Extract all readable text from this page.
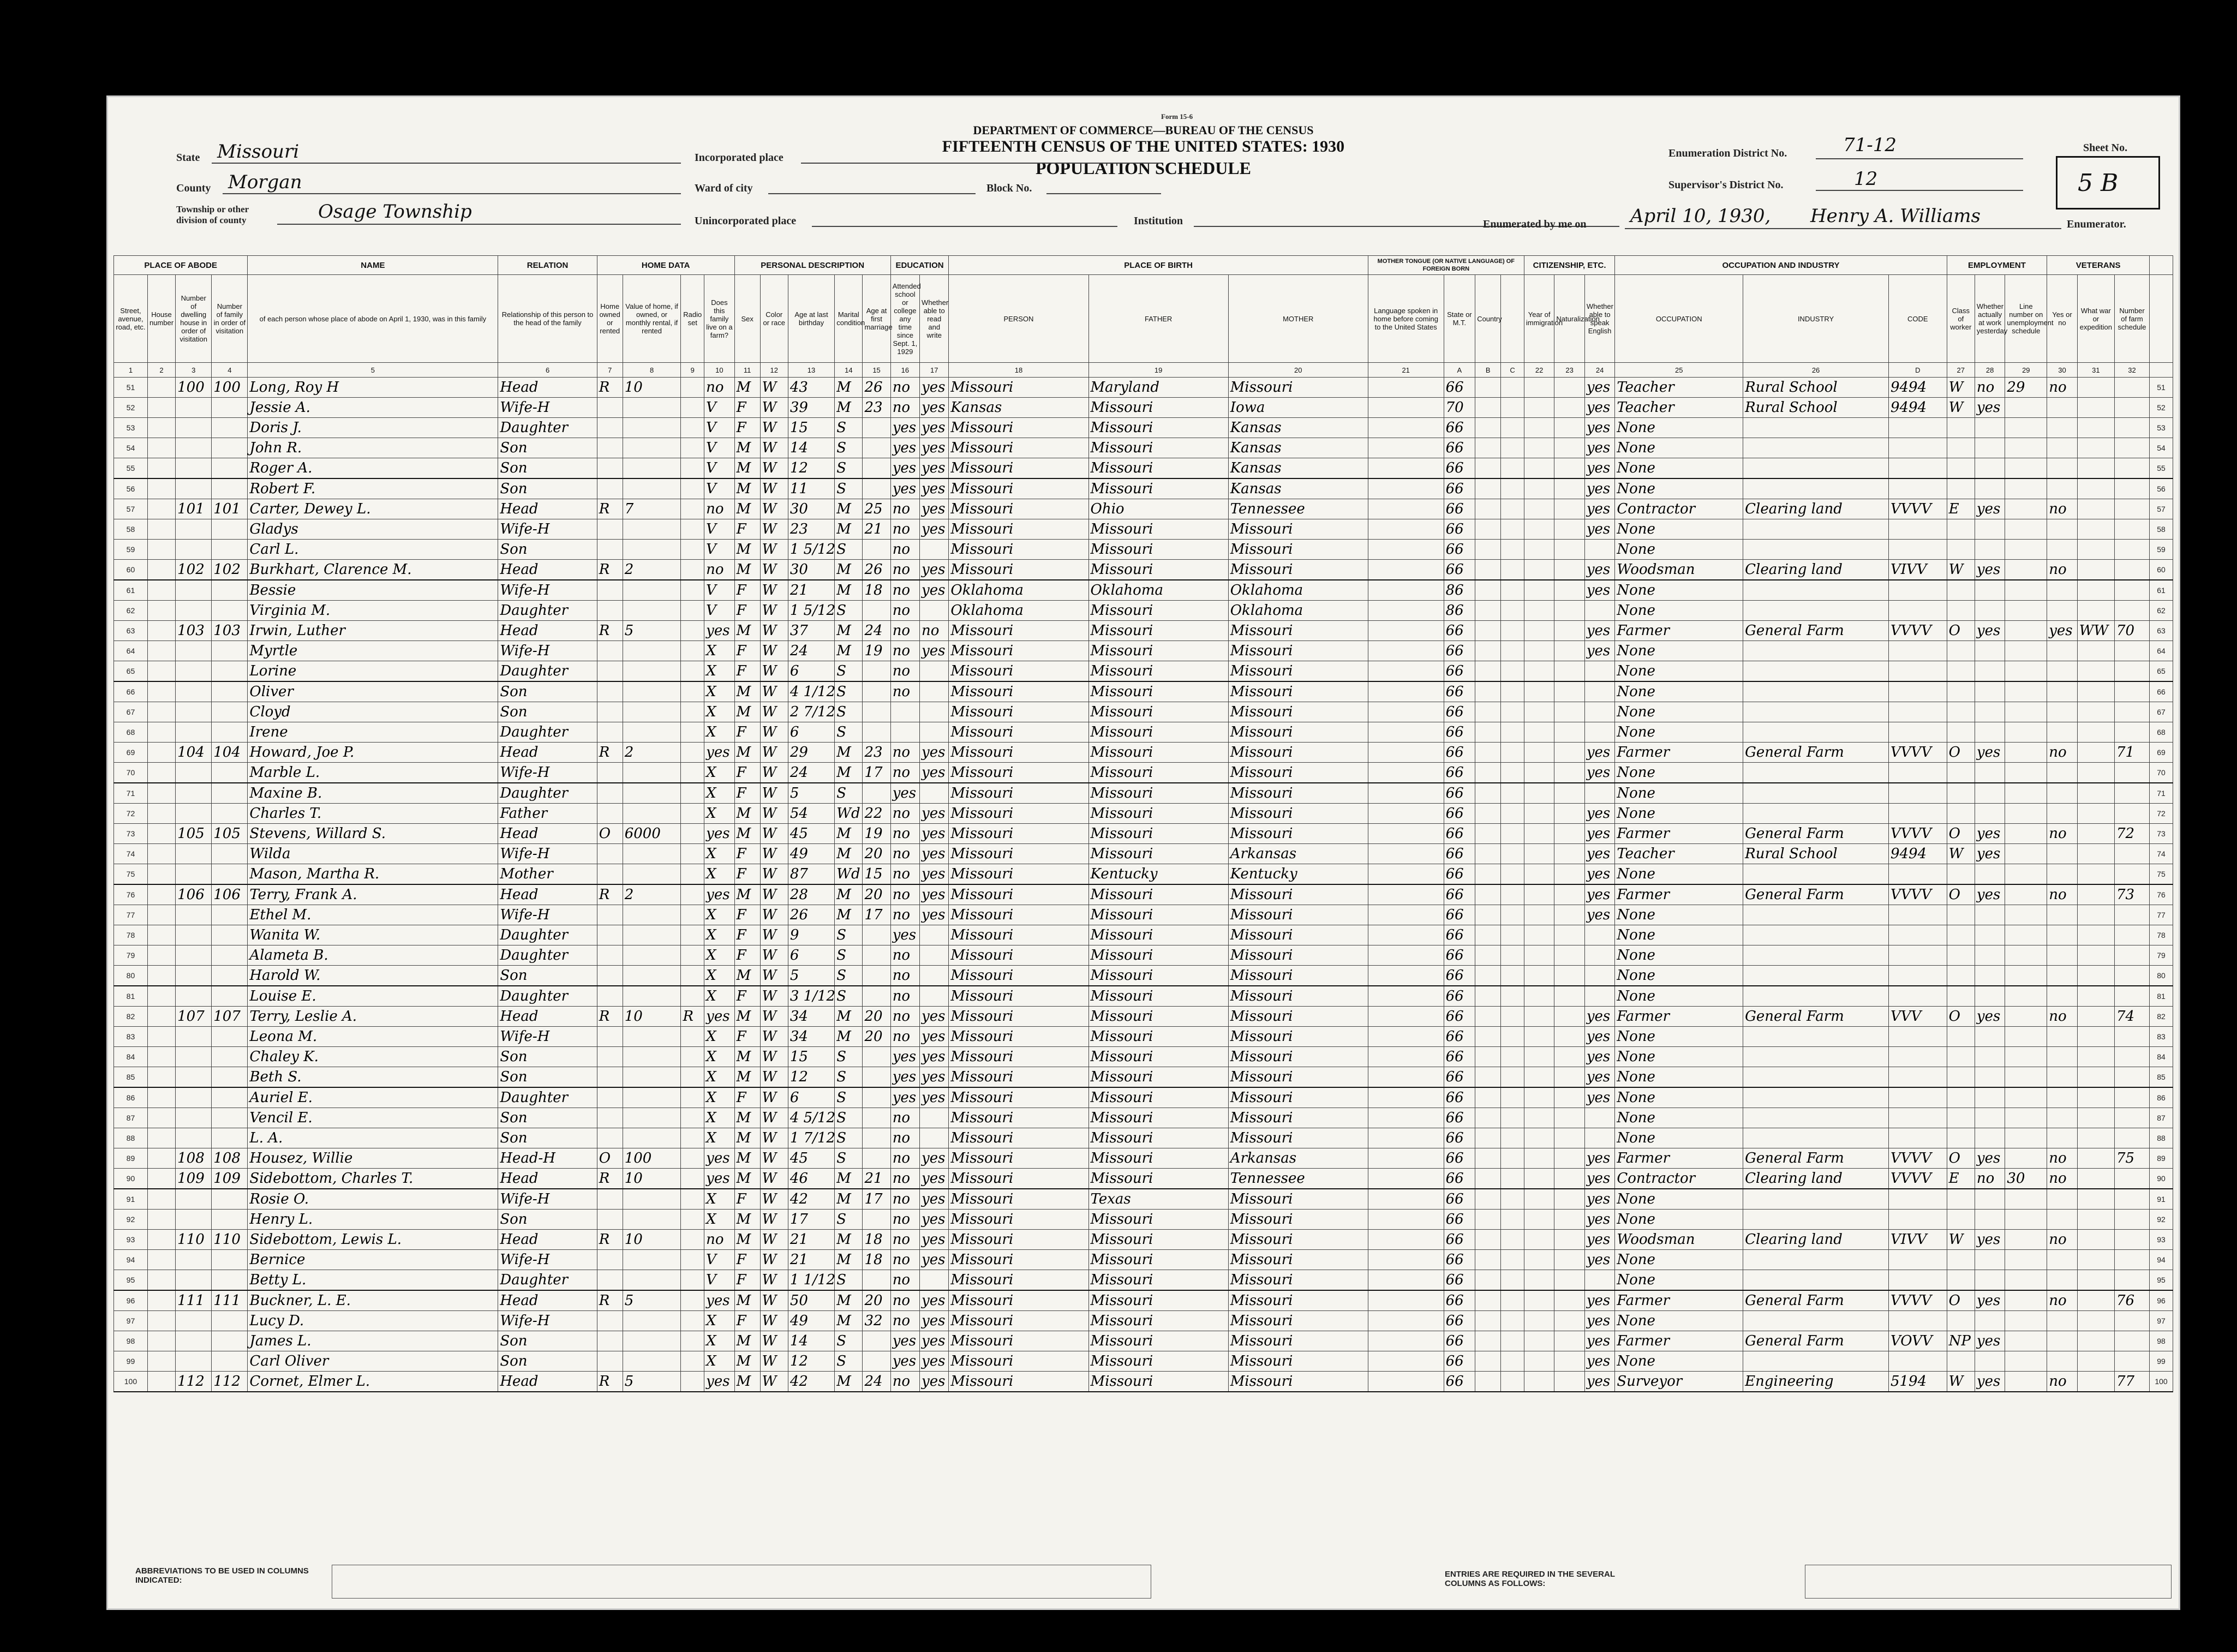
Form 15-6
DEPARTMENT OF COMMERCE—BUREAU OF THE CENSUS
FIFTEENTH CENSUS OF THE UNITED STATES: 1930
POPULATION SCHEDULE
State Missouri
County Morgan
Township or other division of county	Osage Township
Incorporated place
Ward of city	Block No.
Unincorporated place	Institution
Enumeration District No.	71-12
Supervisor's District No.	12
Sheet No.
5 B
Enumerated by me on April 10, 1930, Henry A. Williams	Enumerator.
PLACE OF ABODE				NAME	RELATION	HOME DATA				PERSONAL DESCRIPTION					EDUCATION		PLACE OF BIRTH			MOTHER TONGUE (OR NATIVE LANGUAGE) OF FOREIGN BORN				CITIZENSHIP, ETC.			OCCUPATION AND INDUSTRY			EMPLOYMENT			VETERANS			
Street, avenue, road, etc.	House number	Number of dwelling house in order of visitation	Number of family in order of visitation	of each person whose place of abode on April 1, 1930, was in this family	Relationship of this person to the head of the family	Home owned or rented	Value of home, if owned, or monthly rental, if rented	Radio set	Does this family live on a farm?	Sex	Color or race	Age at last birthday	Marital condition	Age at first marriage	Attended school or college any time since Sept. 1, 1929	Whether able to read and write	PERSON	FATHER	MOTHER	Language spoken in home before coming to the United States	State or M.T.	Country		Year of immigration	Naturalization	Whether able to speak English	OCCUPATION	INDUSTRY	CODE	Class of worker	Whether actually at work yesterday	Line number on unemployment schedule	Yes or no	What war or expedition	Number of farm schedule	
1	2	3	4	5	6	7	8	9	10	11	12	13	14	15	16	17	18	19	20	21	A	B	C	22	23	24	25	26	D	27	28	29	30	31	32	
51		100	100	Long, Roy H	Head	R	10		no	M	W	43	M	26	no	yes	Missouri	Maryland	Missouri		66					yes	Teacher	Rural School	9494	W	no	29	no			51
52				Jessie A.	Wife-H				V	F	W	39	M	23	no	yes	Kansas	Missouri	Iowa		70					yes	Teacher	Rural School	9494	W	yes					52
53				Doris J.	Daughter				V	F	W	15	S		yes	yes	Missouri	Missouri	Kansas		66					yes	None									53
54				John R.	Son				V	M	W	14	S		yes	yes	Missouri	Missouri	Kansas		66					yes	None									54
55				Roger A.	Son				V	M	W	12	S		yes	yes	Missouri	Missouri	Kansas		66					yes	None									55
56				Robert F.	Son				V	M	W	11	S		yes	yes	Missouri	Missouri	Kansas		66					yes	None									56
57		101	101	Carter, Dewey L.	Head	R	7		no	M	W	30	M	25	no	yes	Missouri	Ohio	Tennessee		66					yes	Contractor	Clearing land	VVVV	E	yes		no			57
58				Gladys	Wife-H				V	F	W	23	M	21	no	yes	Missouri	Missouri	Missouri		66					yes	None									58
59				Carl L.	Son				V	M	W	1 5/12	S		no		Missouri	Missouri	Missouri		66						None									59
60		102	102	Burkhart, Clarence M.	Head	R	2		no	M	W	30	M	26	no	yes	Missouri	Missouri	Missouri		66					yes	Woodsman	Clearing land	VIVV	W	yes		no			60
61				Bessie	Wife-H				V	F	W	21	M	18	no	yes	Oklahoma	Oklahoma	Oklahoma		86					yes	None									61
62				Virginia M.	Daughter				V	F	W	1 5/12	S		no		Oklahoma	Missouri	Oklahoma		86						None									62
63		103	103	Irwin, Luther	Head	R	5		yes	M	W	37	M	24	no	no	Missouri	Missouri	Missouri		66					yes	Farmer	General Farm	VVVV	O	yes		yes	WW	70	63
64				Myrtle	Wife-H				X	F	W	24	M	19	no	yes	Missouri	Missouri	Missouri		66					yes	None									64
65				Lorine	Daughter				X	F	W	6	S		no		Missouri	Missouri	Missouri		66						None									65
66				Oliver	Son				X	M	W	4 1/12	S		no		Missouri	Missouri	Missouri		66						None									66
67				Cloyd	Son				X	M	W	2 7/12	S				Missouri	Missouri	Missouri		66						None									67
68				Irene	Daughter				X	F	W	6	S				Missouri	Missouri	Missouri		66						None									68
69		104	104	Howard, Joe P.	Head	R	2		yes	M	W	29	M	23	no	yes	Missouri	Missouri	Missouri		66					yes	Farmer	General Farm	VVVV	O	yes		no		71	69
70				Marble L.	Wife-H				X	F	W	24	M	17	no	yes	Missouri	Missouri	Missouri		66					yes	None									70
71				Maxine B.	Daughter				X	F	W	5	S		yes		Missouri	Missouri	Missouri		66						None									71
72				Charles T.	Father				X	M	W	54	Wd	22	no	yes	Missouri	Missouri	Missouri		66					yes	None									72
73		105	105	Stevens, Willard S.	Head	O	6000		yes	M	W	45	M	19	no	yes	Missouri	Missouri	Missouri		66					yes	Farmer	General Farm	VVVV	O	yes		no		72	73
74				Wilda	Wife-H				X	F	W	49	M	20	no	yes	Missouri	Missouri	Arkansas		66					yes	Teacher	Rural School	9494	W	yes					74
75				Mason, Martha R.	Mother				X	F	W	87	Wd	15	no	yes	Missouri	Kentucky	Kentucky		66					yes	None									75
76		106	106	Terry, Frank A.	Head	R	2		yes	M	W	28	M	20	no	yes	Missouri	Missouri	Missouri		66					yes	Farmer	General Farm	VVVV	O	yes		no		73	76
77				Ethel M.	Wife-H				X	F	W	26	M	17	no	yes	Missouri	Missouri	Missouri		66					yes	None									77
78				Wanita W.	Daughter				X	F	W	9	S		yes		Missouri	Missouri	Missouri		66						None									78
79				Alameta B.	Daughter				X	F	W	6	S		no		Missouri	Missouri	Missouri		66						None									79
80				Harold W.	Son				X	M	W	5	S		no		Missouri	Missouri	Missouri		66						None									80
81				Louise E.	Daughter				X	F	W	3 1/12	S		no		Missouri	Missouri	Missouri		66						None									81
82		107	107	Terry, Leslie A.	Head	R	10	R	yes	M	W	34	M	20	no	yes	Missouri	Missouri	Missouri		66					yes	Farmer	General Farm	VVV	O	yes		no		74	82
83				Leona M.	Wife-H				X	F	W	34	M	20	no	yes	Missouri	Missouri	Missouri		66					yes	None									83
84				Chaley K.	Son				X	M	W	15	S		yes	yes	Missouri	Missouri	Missouri		66					yes	None									84
85				Beth S.	Son				X	M	W	12	S		yes	yes	Missouri	Missouri	Missouri		66					yes	None									85
86				Auriel E.	Daughter				X	F	W	6	S		yes	yes	Missouri	Missouri	Missouri		66					yes	None									86
87				Vencil E.	Son				X	M	W	4 5/12	S		no		Missouri	Missouri	Missouri		66						None									87
88				L. A.	Son				X	M	W	1 7/12	S		no		Missouri	Missouri	Missouri		66						None									88
89		108	108	Housez, Willie	Head-H	O	100		yes	M	W	45	S		no	yes	Missouri	Missouri	Arkansas		66					yes	Farmer	General Farm	VVVV	O	yes		no		75	89
90		109	109	Sidebottom, Charles T.	Head	R	10		yes	M	W	46	M	21	no	yes	Missouri	Missouri	Tennessee		66					yes	Contractor	Clearing land	VVVV	E	no	30	no			90
91				Rosie O.	Wife-H				X	F	W	42	M	17	no	yes	Missouri	Texas	Missouri		66					yes	None									91
92				Henry L.	Son				X	M	W	17	S		no	yes	Missouri	Missouri	Missouri		66					yes	None									92
93		110	110	Sidebottom, Lewis L.	Head	R	10		no	M	W	21	M	18	no	yes	Missouri	Missouri	Missouri		66					yes	Woodsman	Clearing land	VIVV	W	yes		no			93
94				Bernice	Wife-H				V	F	W	21	M	18	no	yes	Missouri	Missouri	Missouri		66					yes	None									94
95				Betty L.	Daughter				V	F	W	1 1/12	S		no		Missouri	Missouri	Missouri		66						None									95
96		111	111	Buckner, L. E.	Head	R	5		yes	M	W	50	M	20	no	yes	Missouri	Missouri	Missouri		66					yes	Farmer	General Farm	VVVV	O	yes		no		76	96
97				Lucy D.	Wife-H				X	F	W	49	M	32	no	yes	Missouri	Missouri	Missouri		66					yes	None									97
98				James L.	Son				X	M	W	14	S		yes	yes	Missouri	Missouri	Missouri		66					yes	Farmer	General Farm	VOVV	NP	yes					98
99				Carl Oliver	Son				X	M	W	12	S		yes	yes	Missouri	Missouri	Missouri		66					yes	None									99
100		112	112	Cornet, Elmer L.	Head	R	5		yes	M	W	42	M	24	no	yes	Missouri	Missouri	Missouri		66					yes	Surveyor	Engineering	5194	W	yes		no		77	100
ABBREVIATIONS TO BE USED IN COLUMNS INDICATED:
ENTRIES ARE REQUIRED IN THE SEVERAL COLUMNS AS FOLLOWS:
